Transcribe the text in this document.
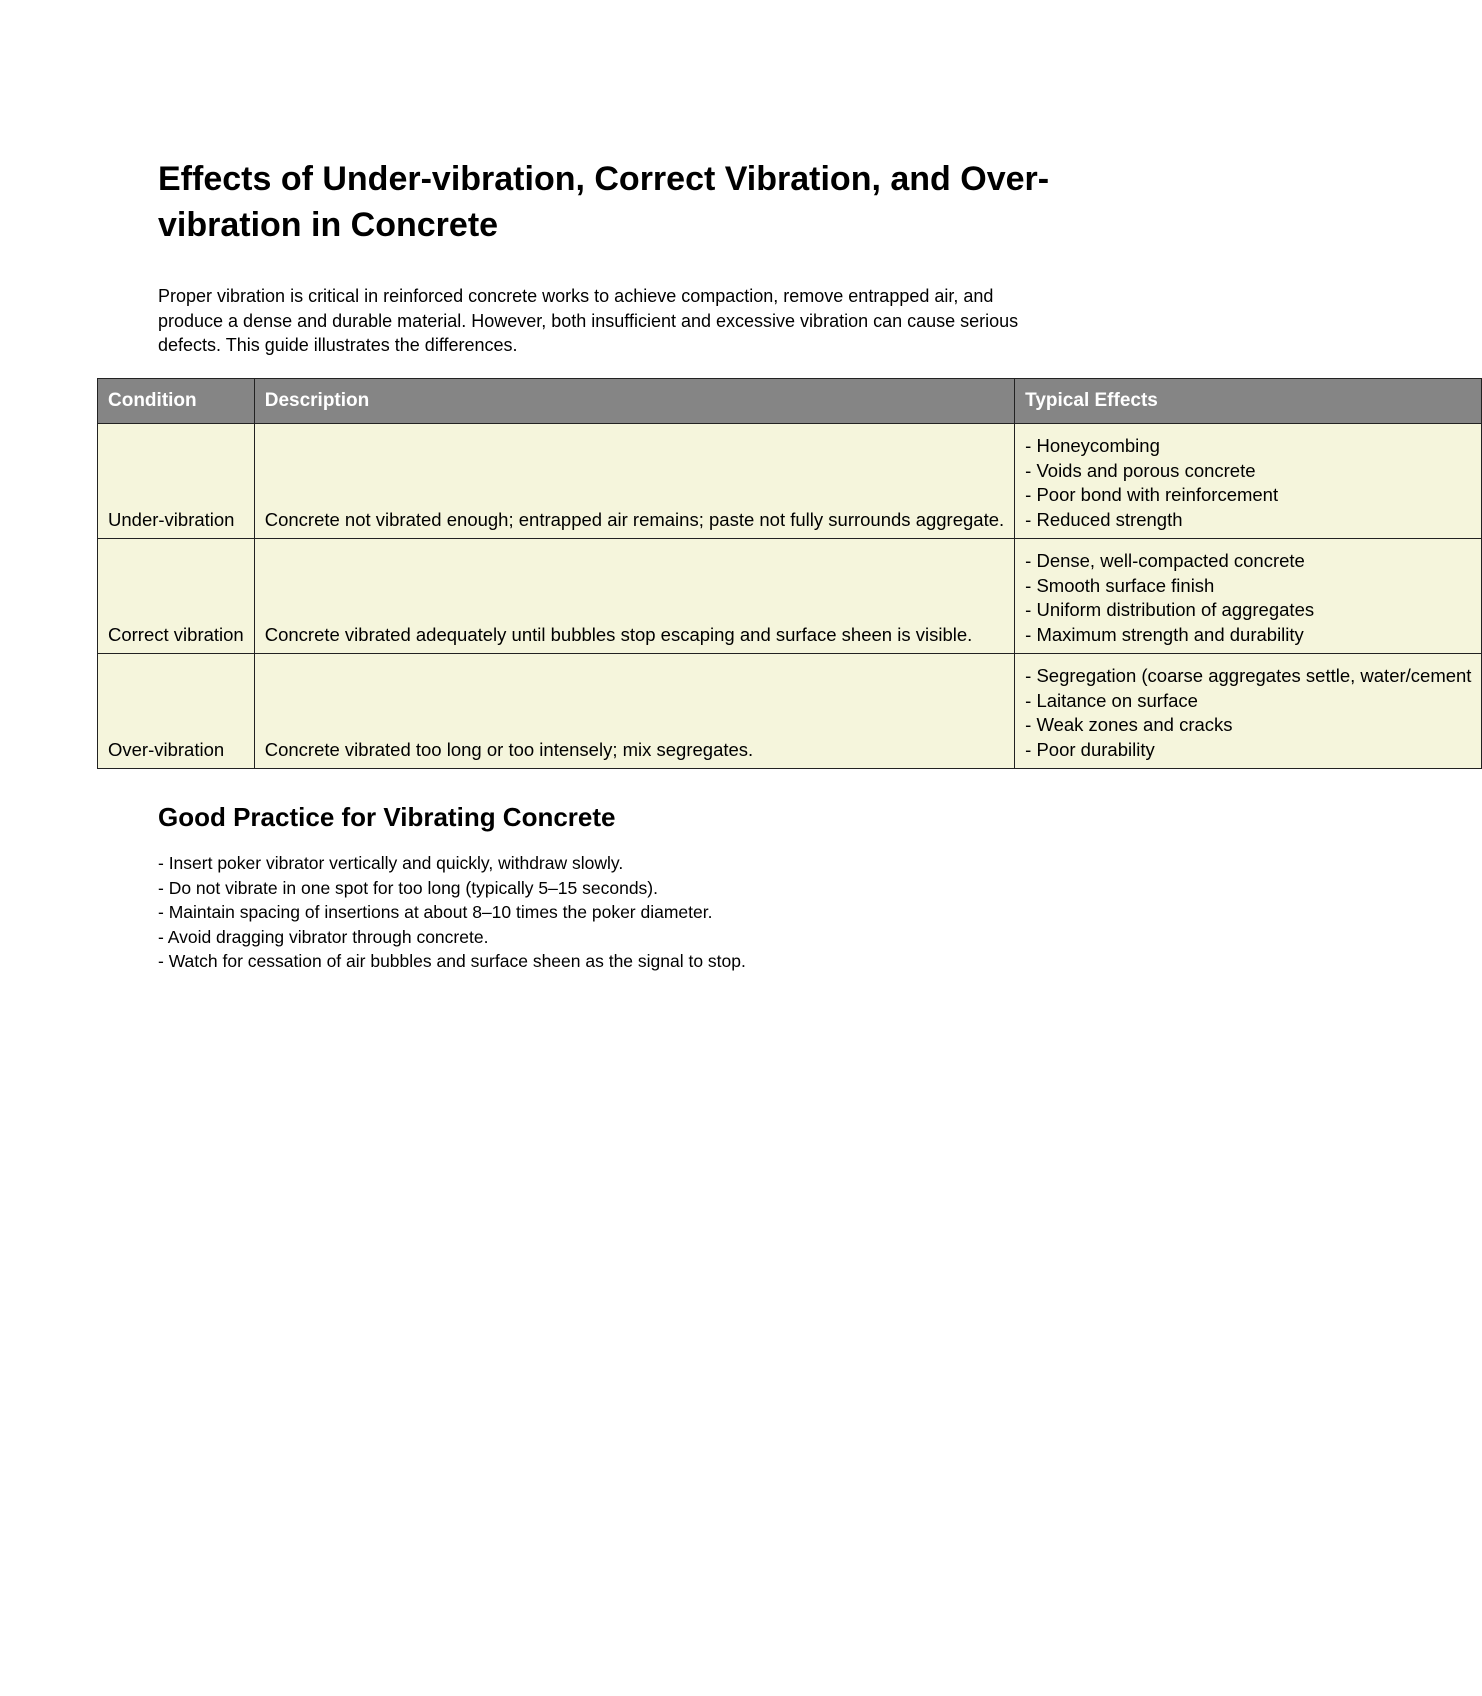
Effects of Under-vibration, Correct Vibration, and Over-vibration in Concrete

Proper vibration is critical in reinforced concrete works to achieve compaction, remove entrapped air, and produce a dense and durable material. However, both insufficient and excessive vibration can cause serious defects. This guide illustrates the differences.

Condition	Description	Typical Effects
Under-vibration	Concrete not vibrated enough; entrapped air remains; paste not fully surrounds aggregate.	- Honeycombing
- Voids and porous concrete
- Poor bond with reinforcement
- Reduced strength

Correct vibration	Concrete vibrated adequately until bubbles stop escaping and surface sheen is visible.	- Dense, well-compacted concrete
- Smooth surface finish
- Uniform distribution of aggregates
- Maximum strength and durability

Over-vibration	Concrete vibrated too long or too intensely; mix segregates.	- Segregation (coarse aggregates settle, water/cement
- Laitance on surface
- Weak zones and cracks
- Poor durability
Good Practice for Vibrating Concrete
- Insert poker vibrator vertically and quickly, withdraw slowly.
- Do not vibrate in one spot for too long (typically 5–15 seconds).
- Maintain spacing of insertions at about 8–10 times the poker diameter.
- Avoid dragging vibrator through concrete.
- Watch for cessation of air bubbles and surface sheen as the signal to stop.
